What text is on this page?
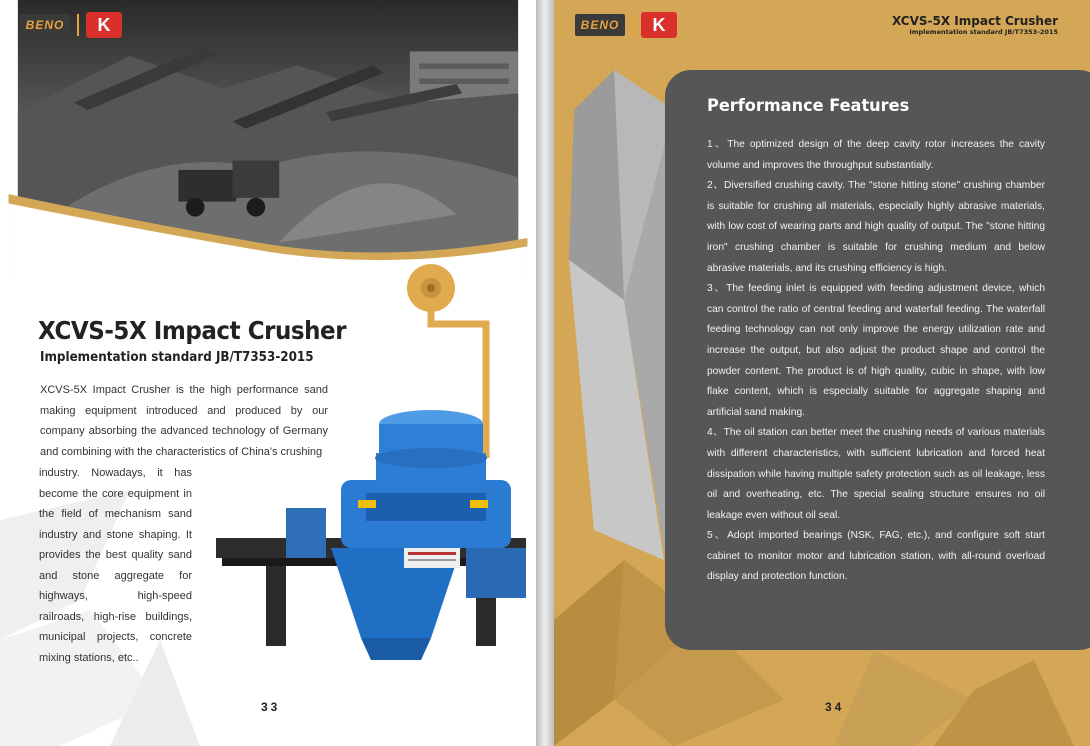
BENO	K
XCVS-5X Impact Crusher
Implementation standard JB/T7353-2015
XCVS-5X Impact Crusher is the high performance sand making equipment introduced and produced by our company absorbing the advanced technology of Germany and combining with the characteristics of China's crushing
industry. Nowadays, it has become the core equipment in the field of mechanism sand industry and stone shaping. It provides the best quality sand and stone aggregate for highways, high-speed railroads, high-rise buildings, municipal projects, concrete mixing stations, etc..
33
BENO	K	XCVS-5X Impact Crusher
Implementation standard JB/T7353-2015
Performance Features
1、The optimized design of the deep cavity rotor increases the cavity volume and improves the throughput substantially.
2、Diversified crushing cavity. The "stone hitting stone" crushing chamber is suitable for crushing all materials, especially highly abrasive materials, with low cost of wearing parts and high quality of output. The "stone hitting iron" crushing chamber is suitable for crushing medium and below abrasive materials, and its crushing efficiency is high.
3、The feeding inlet is equipped with feeding adjustment device, which can control the ratio of central feeding and waterfall feeding. The waterfall feeding technology can not only improve the energy utilization rate and increase the output, but also adjust the product shape and control the powder content. The product is of high quality, cubic in shape, with low flake content, which is especially suitable for aggregate shaping and artificial sand making.
4、The oil station can better meet the crushing needs of various materials with different characteristics, with sufficient lubrication and forced heat dissipation while having multiple safety protection such as oil leakage, less oil and overheating, etc. The special sealing structure ensures no oil leakage even without oil seal.
5、Adopt imported bearings (NSK, FAG, etc.), and configure soft start cabinet to monitor motor and lubrication station, with all-round overload display and protection function.
34
